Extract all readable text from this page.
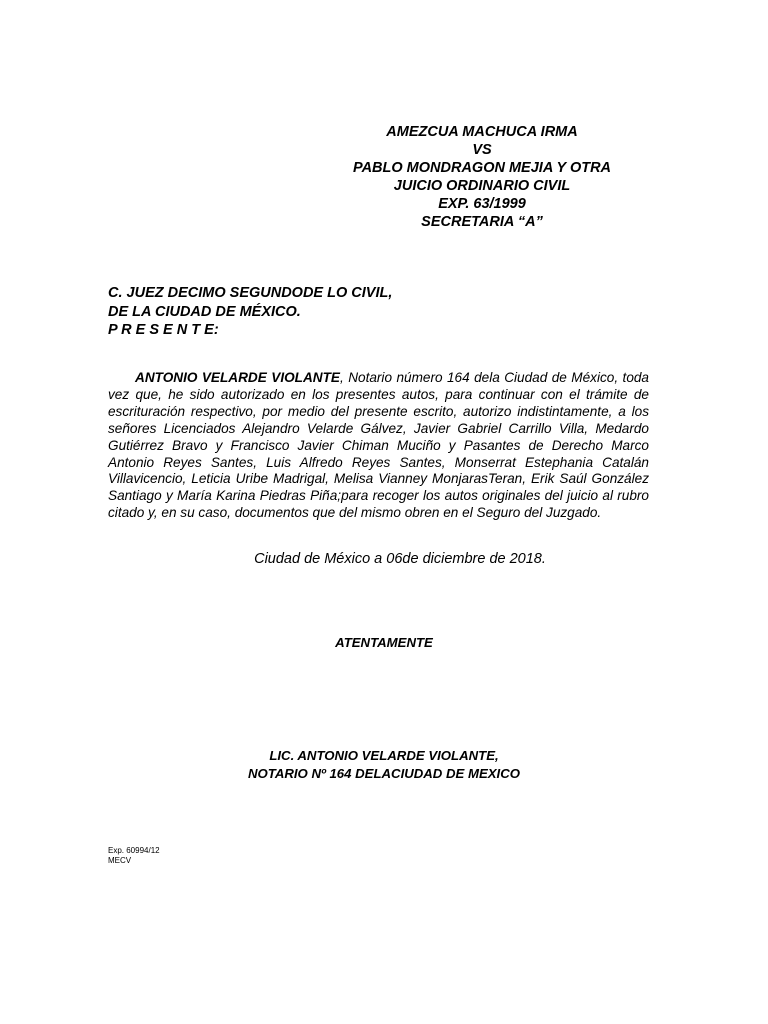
AMEZCUA MACHUCA IRMA
VS
PABLO MONDRAGON MEJIA Y OTRA
JUICIO ORDINARIO CIVIL
EXP. 63/1999
SECRETARIA “A”
C. JUEZ DECIMO SEGUNDODE LO CIVIL,
DE LA CIUDAD DE MÉXICO.
P R E S E N T E:

ANTONIO VELARDE VIOLANTE, Notario número 164 dela Ciudad de México, toda vez que, he sido autorizado en los presentes autos, para continuar con el trámite de escrituración respectivo, por medio del presente escrito, autorizo indistintamente, a los señores Licenciados Alejandro Velarde Gálvez, Javier Gabriel Carrillo Villa, Medardo Gutiérrez Bravo y Francisco Javier Chiman Muciño y Pasantes de Derecho Marco Antonio Reyes Santes, Luis Alfredo Reyes Santes, Monserrat Estephania Catalán Villavicencio, Leticia Uribe Madrigal, Melisa Vianney MonjarasTeran, Erik Saúl González Santiago y María Karina Piedras Piña;para recoger los autos originales del juicio al rubro citado y, en su caso, documentos que del mismo obren en el Seguro del Juzgado.

Ciudad de México a 06de diciembre de 2018.
ATENTAMENTE
LIC. ANTONIO VELARDE VIOLANTE,
NOTARIO Nº 164 DELACIUDAD DE MEXICO
Exp. 60994/12
MECV
